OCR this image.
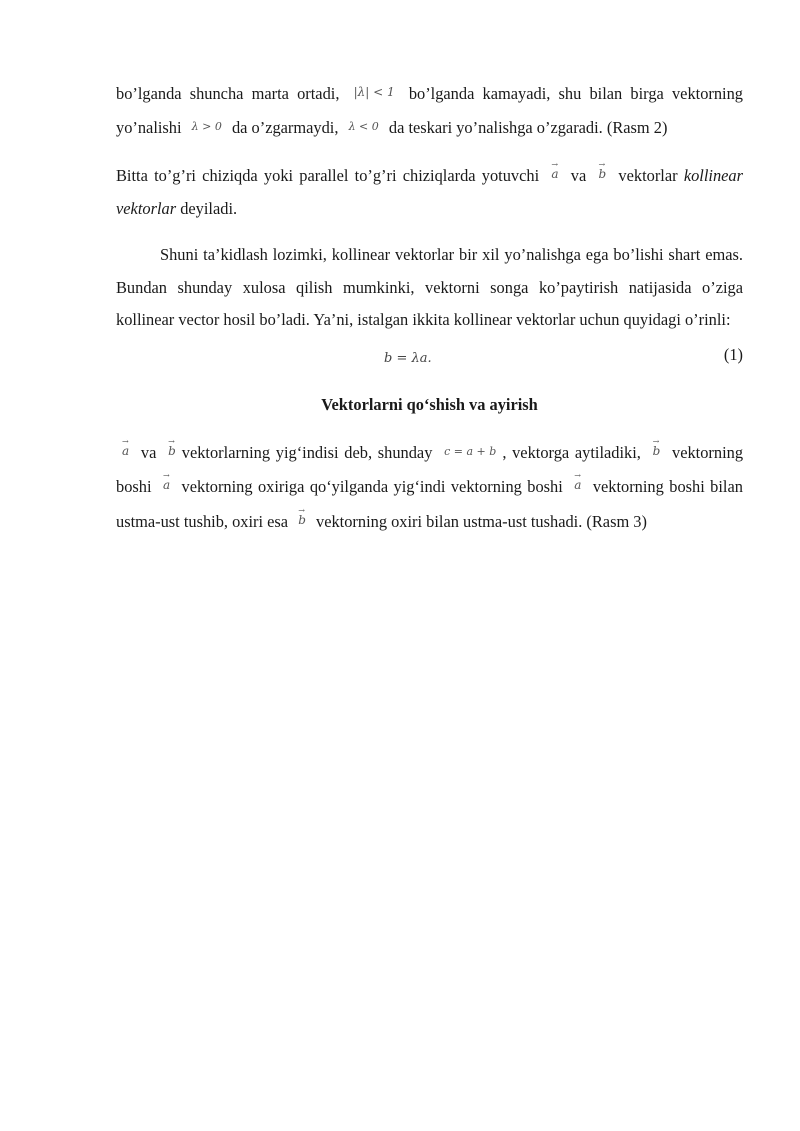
bo’lganda shuncha marta ortadi, |λ| < 1 bo’lganda kamayadi, shu bilan birga vektorning yo’nalishi λ > 0 da o’zgarmaydi, λ < 0 da teskari yo’nalishga o’zgaradi. (Rasm 2)

Bitta to’g’ri chiziqda yoki parallel to’g’ri chiziqlarda yotuvchi → a va → b vektorlar kollinear vektorlar deyiladi.

Shuni ta’kidlash lozimki, kollinear vektorlar bir xil yo’nalishga ega bo’lishi shart emas. Bundan shunday xulosa qilish mumkinki, vektorni songa ko’paytirish natijasida o’ziga kollinear vector hosil bo’ladi. Ya’ni, istalgan ikkita kollinear vektorlar uchun quyidagi o’rinli:

b = λa.	(1)
Vektorlarni qo‘shish va ayirish

→ a va → b vektorlarning yig‘indisi deb, shunday c = a + b , vektorga aytiladiki, → b vektorning boshi → a vektorning oxiriga qo‘yilganda yig‘indi vektorning boshi → a vektorning boshi bilan ustma-ust tushib, oxiri esa → b vektorning oxiri bilan ustma-ust tushadi. (Rasm 3)
